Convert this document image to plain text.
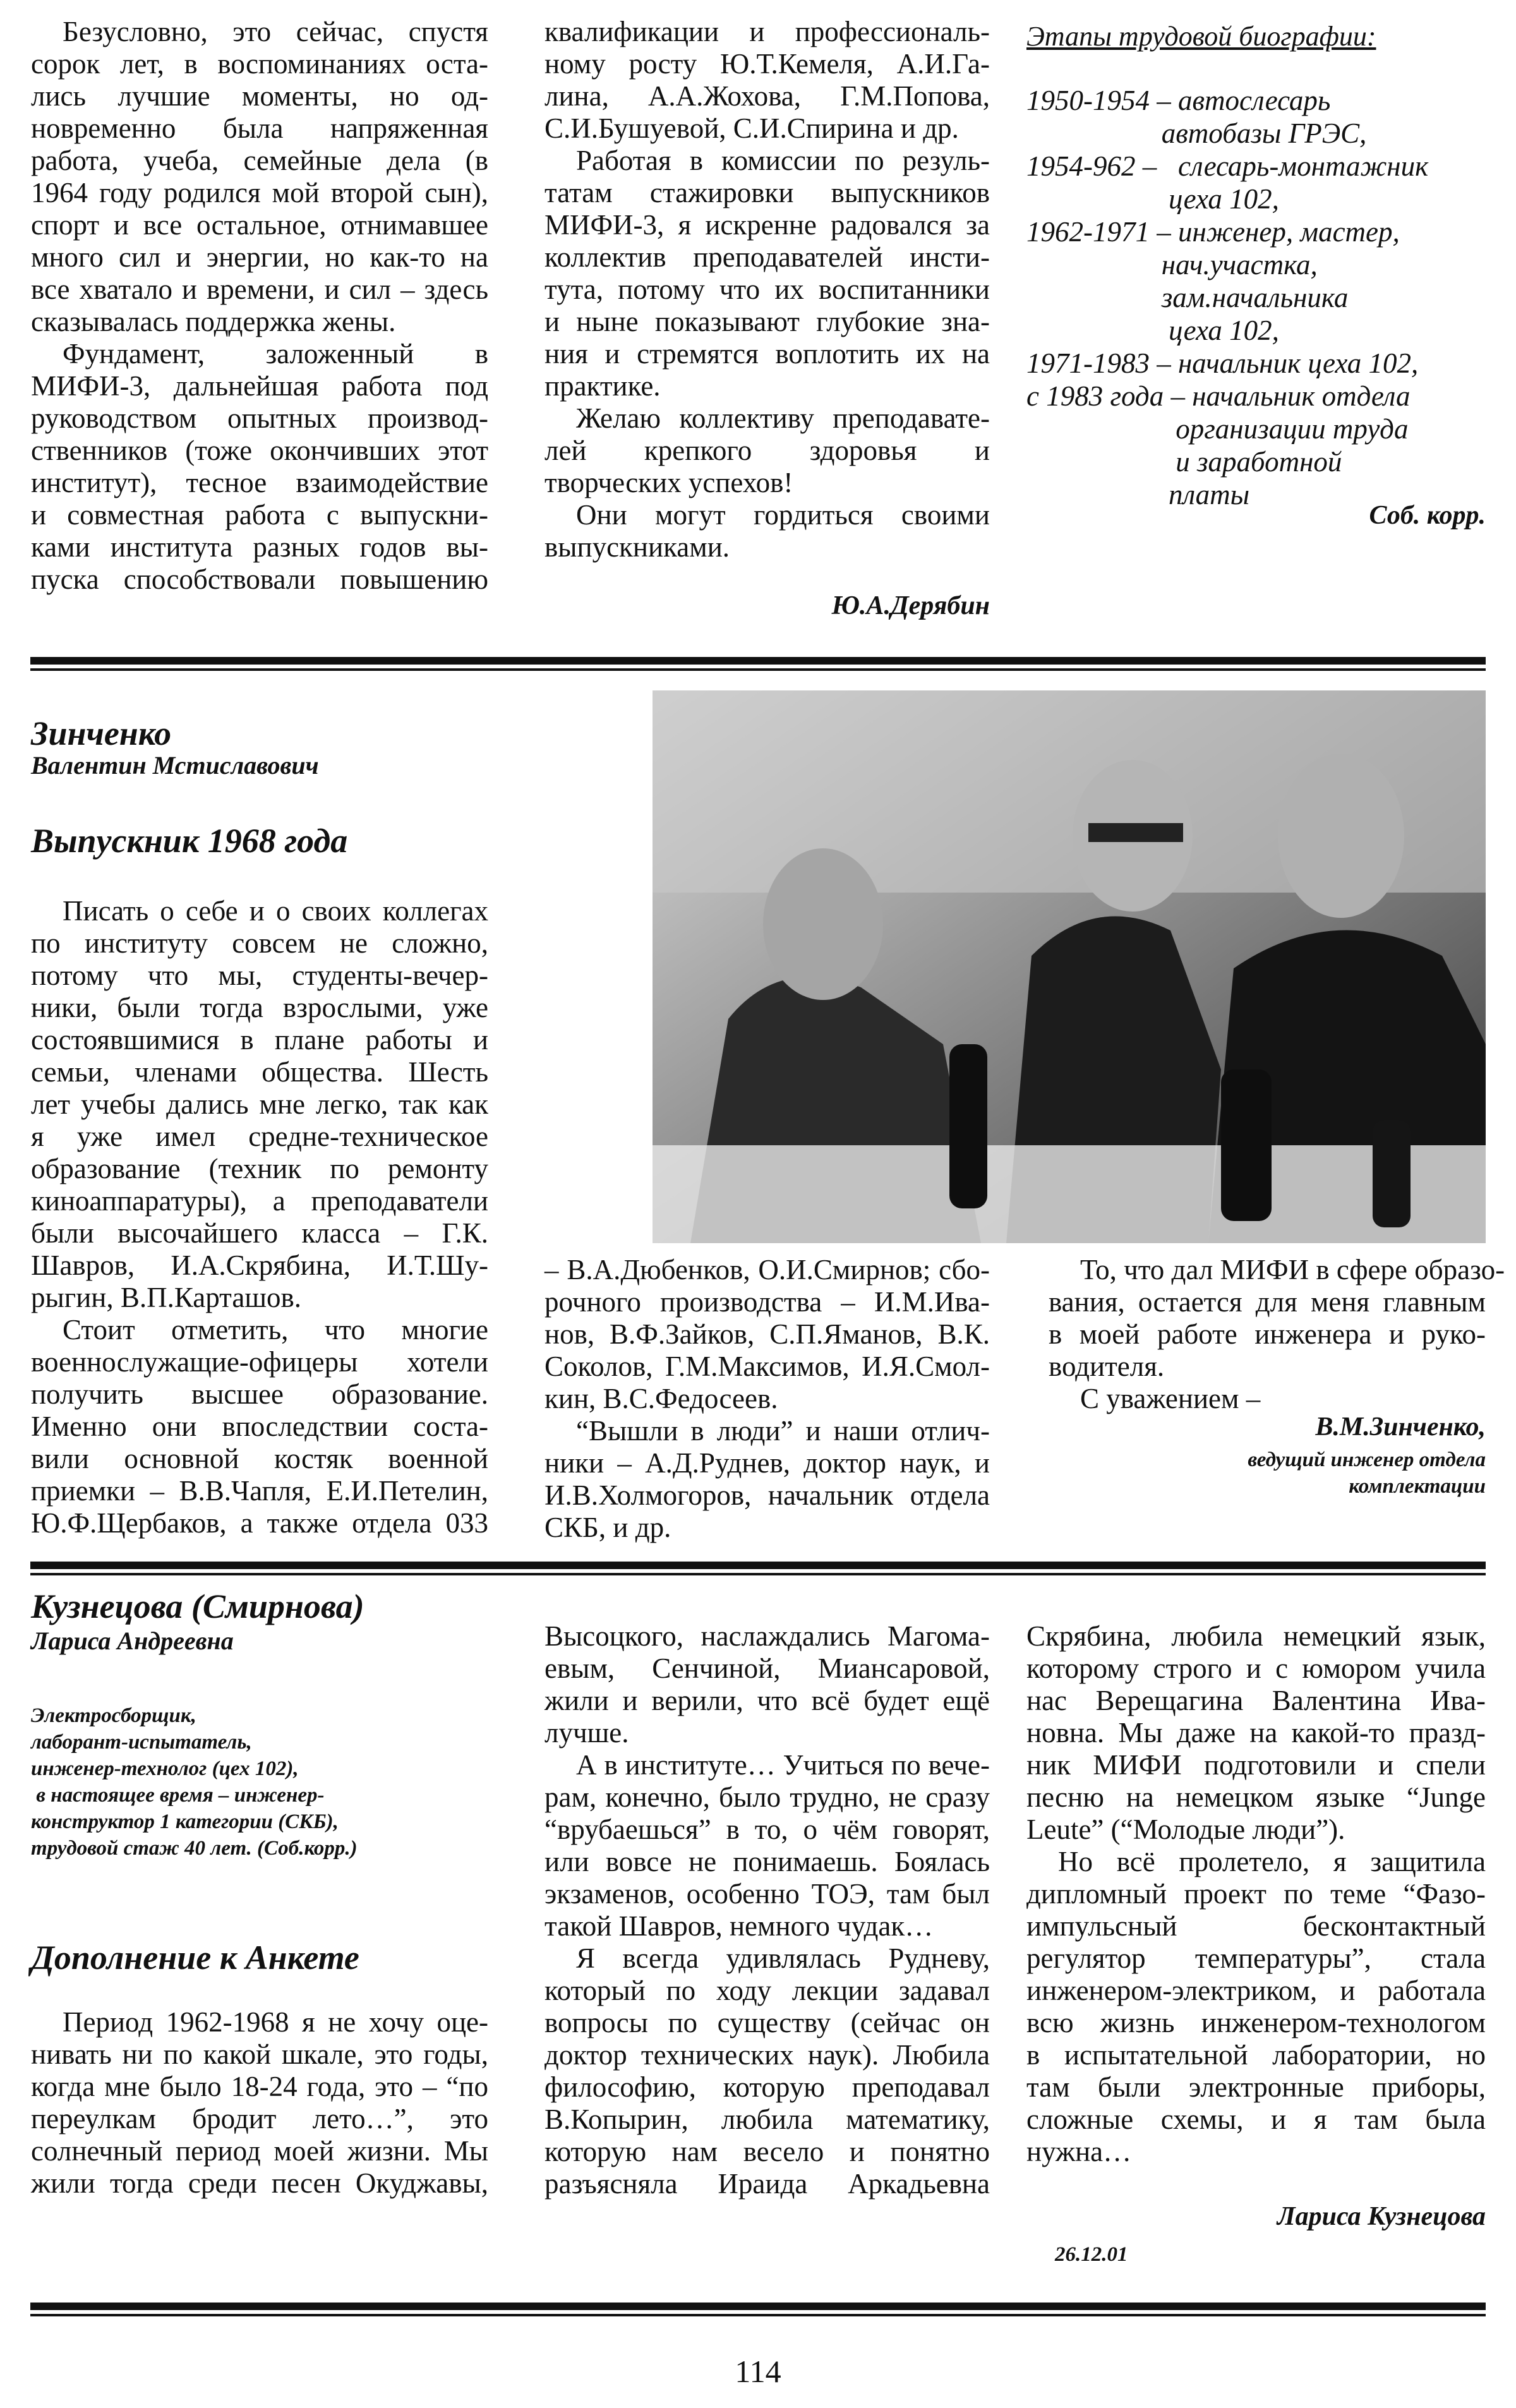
Безусловно, это сейчас, спустя
сорок лет, в воспоминаниях оста-
лись лучшие моменты, но од-
новременно была напряженная
работа, учеба, семейные дела (в
1964 году родился мой второй сын),
спорт и все остальное, отнимавшее
много сил и энергии, но как-то на
все хватало и времени, и сил – здесь
сказывалась поддержка жены.
Фундамент, заложенный в
МИФИ-3, дальнейшая работа под
руководством опытных производ-
ственников (тоже окончивших этот
институт), тесное взаимодействие
и совместная работа с выпускни-
ками института разных годов вы-
пуска способствовали повышению
квалификации и профессиональ-
ному росту Ю.Т.Кемеля, А.И.Га-
лина, А.А.Жохова, Г.М.Попова,
С.И.Бушуевой, С.И.Спирина и др.
Работая в комиссии по резуль-
татам стажировки выпускников
МИФИ-3, я искренне радовался за
коллектив преподавателей инсти-
тута, потому что их воспитанники
и ныне показывают глубокие зна-
ния и стремятся воплотить их на
практике.
Желаю коллективу преподавате-
лей крепкого здоровья и
творческих успехов!
Они могут гордиться своими
выпускниками.
Ю.А.Дерябин
Этапы трудовой биографии:
1950-1954 – автослесарь
автобазы ГРЭС,
1954-962 –   слесарь-монтажник
цеха 102,
1962-1971 – инженер, мастер,
нач.участка,
зам.начальника
цеха 102,
1971-1983 – начальник цеха 102,
с 1983 года – начальник отдела
организации труда
и заработной
платы
Соб. корр.
Зинченко
Валентин Мстиславович
Выпускник 1968 года
Писать о себе и о своих коллегах
по институту совсем не сложно,
потому что мы, студенты-вечер-
ники, были тогда взрослыми, уже
состоявшимися в плане работы и
семьи, членами общества. Шесть
лет учебы дались мне легко, так как
я уже имел средне-техническое
образование (техник по ремонту
киноаппаратуры), а преподаватели
были высочайшего класса – Г.К.
Шавров, И.А.Скрябина, И.Т.Шу-
рыгин, В.П.Карташов.
Стоит отметить, что многие
военнослужащие-офицеры хотели
получить высшее образование.
Именно они впоследствии соста-
вили основной костяк военной
приемки – В.В.Чапля, Е.И.Петелин,
Ю.Ф.Щербаков, а также отдела 033
– В.А.Дюбенков, О.И.Смирнов; сбо-
рочного производства – И.М.Ива-
нов, В.Ф.Зайков, С.П.Яманов, В.К.
Соколов, Г.М.Максимов, И.Я.Смол-
кин, В.С.Федосеев.
“Вышли в люди” и наши отлич-
ники – А.Д.Руднев, доктор наук, и
И.В.Холмогоров, начальник отдела
СКБ, и др.
То, что дал МИФИ в сфере образо-
вания, остается для меня главным
в моей работе инженера и руко-
водителя.
С уважением –
В.М.Зинченко,
ведущий инженер отдела
комплектации
Кузнецова (Смирнова)
Лариса Андреевна
Электросборщик,
лаборант-испытатель,
инженер-технолог (цех 102),
в настоящее время – инженер-
конструктор 1 категории (СКБ),
трудовой стаж 40 лет. (Соб.корр.)
Дополнение к Анкете
Период 1962-1968 я не хочу оце-
нивать ни по какой шкале, это годы,
когда мне было 18-24 года, это – “по
переулкам бродит лето…”, это
солнечный период моей жизни. Мы
жили тогда среди песен Окуджавы,
Высоцкого, наслаждались Магома-
евым, Сенчиной, Миансаровой,
жили и верили, что всё будет ещё
лучше.
А в институте… Учиться по вече-
рам, конечно, было трудно, не сразу
“врубаешься” в то, о чём говорят,
или вовсе не понимаешь. Боялась
экзаменов, особенно ТОЭ, там был
такой Шавров, немного чудак…
Я всегда удивлялась Рудневу,
который по ходу лекции задавал
вопросы по существу (сейчас он
доктор технических наук). Любила
философию, которую преподавал
В.Копырин, любила математику,
которую нам весело и понятно
разъясняла Ираида Аркадьевна
Скрябина, любила немецкий язык,
которому строго и с юмором учила
нас Верещагина Валентина Ива-
новна. Мы даже на какой-то празд-
ник МИФИ подготовили и спели
песню на немецком языке “Junge
Leute” (“Молодые люди”).
Но всё пролетело, я защитила
дипломный проект по теме “Фазо-
импульсный бесконтактный
регулятор температуры”, стала
инженером-электриком, и работала
всю жизнь инженером-технологом
в испытательной лаборатории, но
там были электронные приборы,
сложные схемы, и я там была
нужна…
Лариса Кузнецова
26.12.01
114
